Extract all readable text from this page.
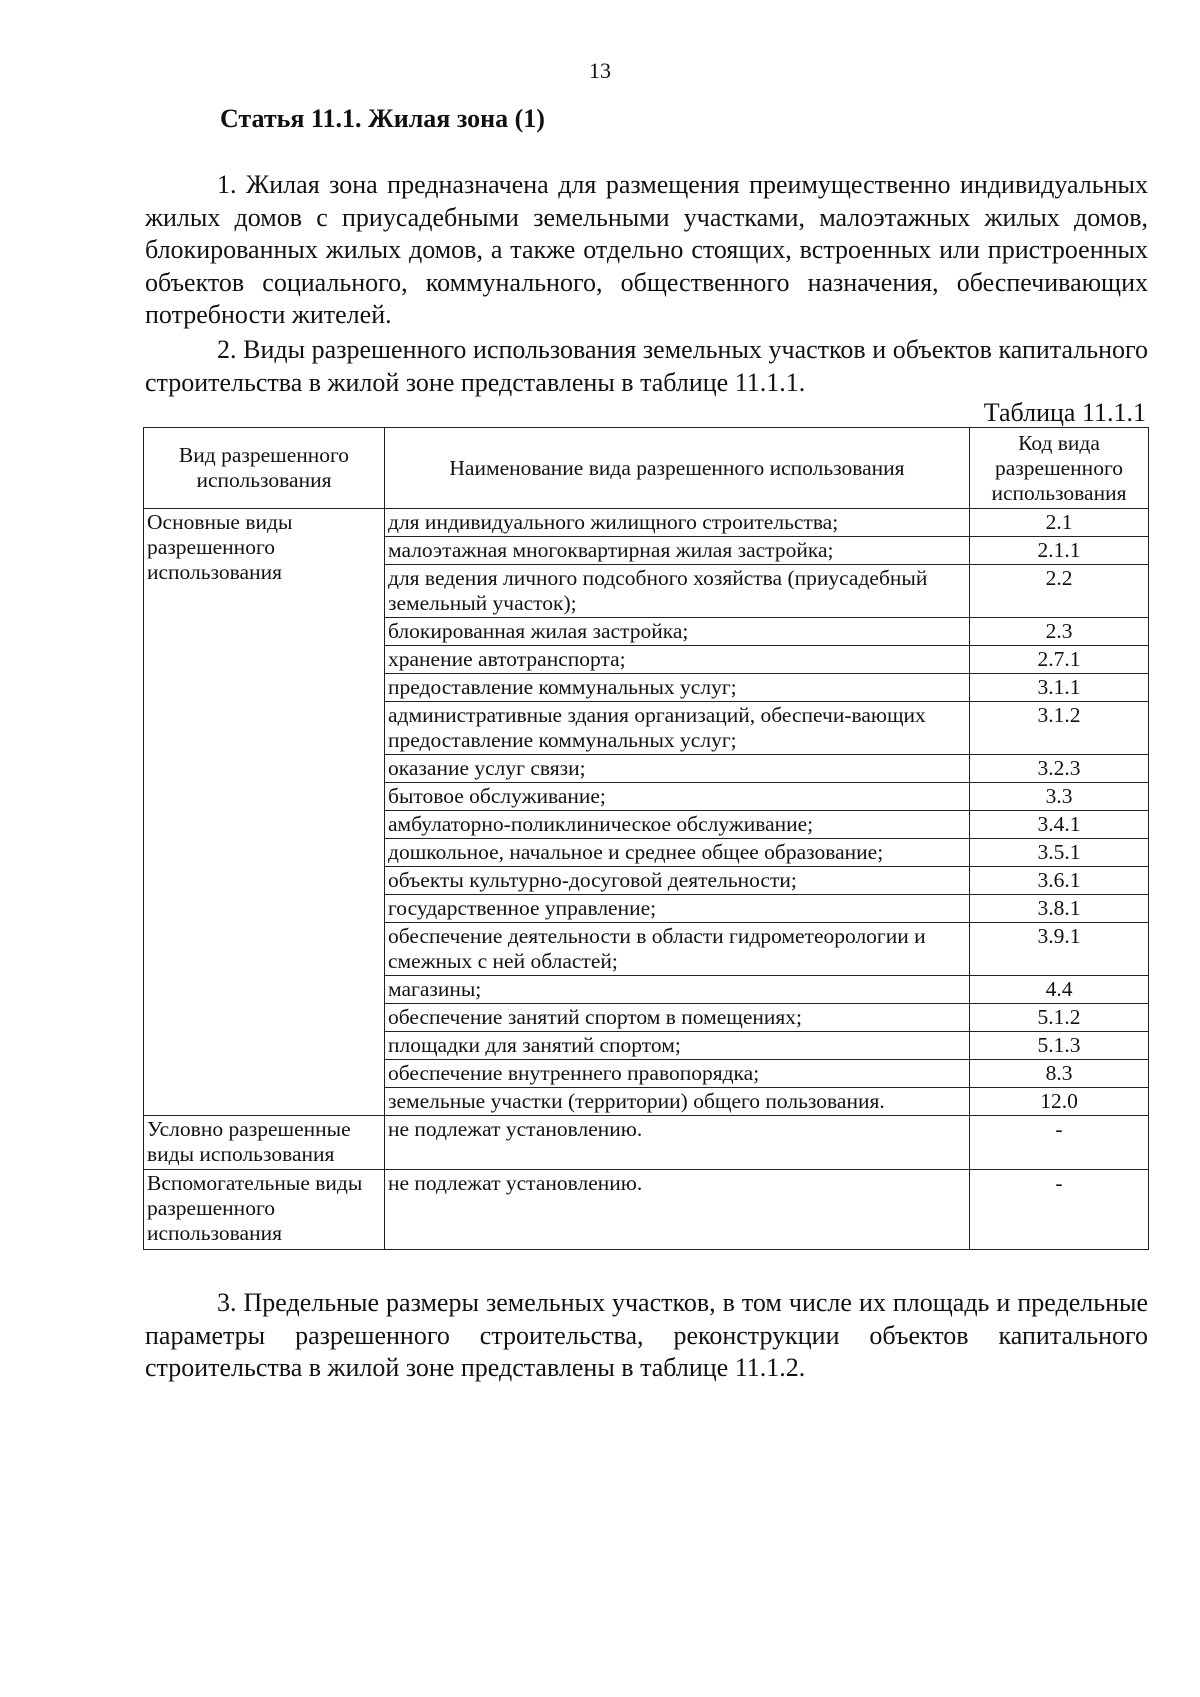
13
Статья 11.1. Жилая зона (1)

1. Жилая зона предназначена для размещения преимущественно индивидуальных жилых домов с приусадебными земельными участками, малоэтажных жилых домов, блокированных жилых домов, а также отдельно стоящих, встроенных или пристроенных объектов социального, коммунального, общественного назначения, обеспечивающих потребности жителей.

2. Виды разрешенного использования земельных участков и объектов капитального строительства в жилой зоне представлены в таблице 11.1.1.

Таблица 11.1.1
Вид разрешенного использования	Наименование вида разрешенного использования	Код вида разрешенного использования
Основные виды разрешенного использования	для индивидуального жилищного строительства;	2.1
	малоэтажная многоквартирная жилая застройка;	2.1.1
	для ведения личного подсобного хозяйства (приусадебный земельный участок);	2.2
	блокированная жилая застройка;	2.3
	хранение автотранспорта;	2.7.1
	предоставление коммунальных услуг;	3.1.1
	административные здания организаций, обеспечи-вающих предоставление коммунальных услуг;	3.1.2
	оказание услуг связи;	3.2.3
	бытовое обслуживание;	3.3
	амбулаторно-поликлиническое обслуживание;	3.4.1
	дошкольное, начальное и среднее общее образование;	3.5.1
	объекты культурно-досуговой деятельности;	3.6.1
	государственное управление;	3.8.1
	обеспечение деятельности в области гидрометеорологии и смежных с ней областей;	3.9.1
	магазины;	4.4
	обеспечение занятий спортом в помещениях;	5.1.2
	площадки для занятий спортом;	5.1.3
	обеспечение внутреннего правопорядка;	8.3
	земельные участки (территории) общего пользования.	12.0
Условно разрешенные виды использования	не подлежат установлению.	-
Вспомогательные виды разрешенного использования	не подлежат установлению.	-

3. Предельные размеры земельных участков, в том числе их площадь и предельные параметры разрешенного строительства, реконструкции объектов капитального строительства в жилой зоне представлены в таблице 11.1.2.
